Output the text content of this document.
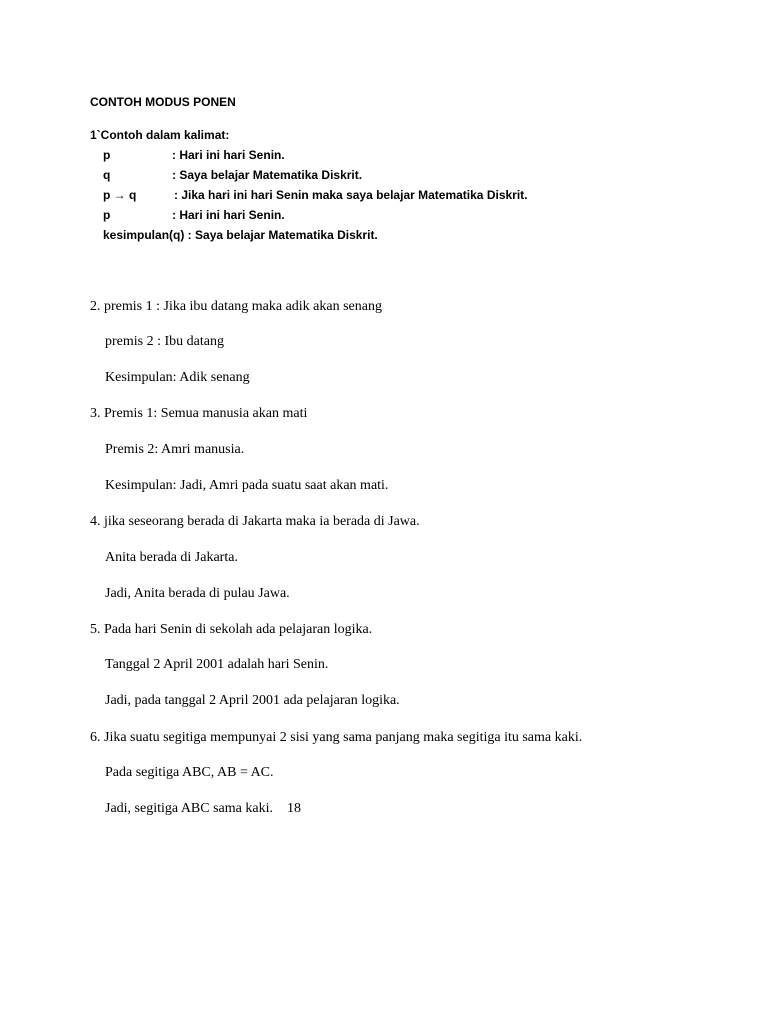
CONTOH MODUS PONEN
1`Contoh dalam kalimat:
p	: Hari ini hari Senin.
q	: Saya belajar Matematika Diskrit.
p → q	: Jika hari ini hari Senin maka saya belajar Matematika Diskrit.
p	: Hari ini hari Senin.
kesimpulan(q) : Saya belajar Matematika Diskrit.
2. premis 1 : Jika ibu datang maka adik akan senang
premis 2 : Ibu datang
Kesimpulan: Adik senang
3. Premis 1: Semua manusia akan mati
Premis 2: Amri manusia.
Kesimpulan: Jadi, Amri pada suatu saat akan mati.
4. jika seseorang berada di Jakarta maka ia berada di Jawa.
Anita berada di Jakarta.
Jadi, Anita berada di pulau Jawa.
5. Pada hari Senin di sekolah ada pelajaran logika.
Tanggal 2 April 2001 adalah hari Senin.
Jadi, pada tanggal 2 April 2001 ada pelajaran logika.
6. Jika suatu segitiga mempunyai 2 sisi yang sama panjang maka segitiga itu sama kaki.
Pada segitiga ABC, AB = AC.
Jadi, segitiga ABC sama kaki.    18
